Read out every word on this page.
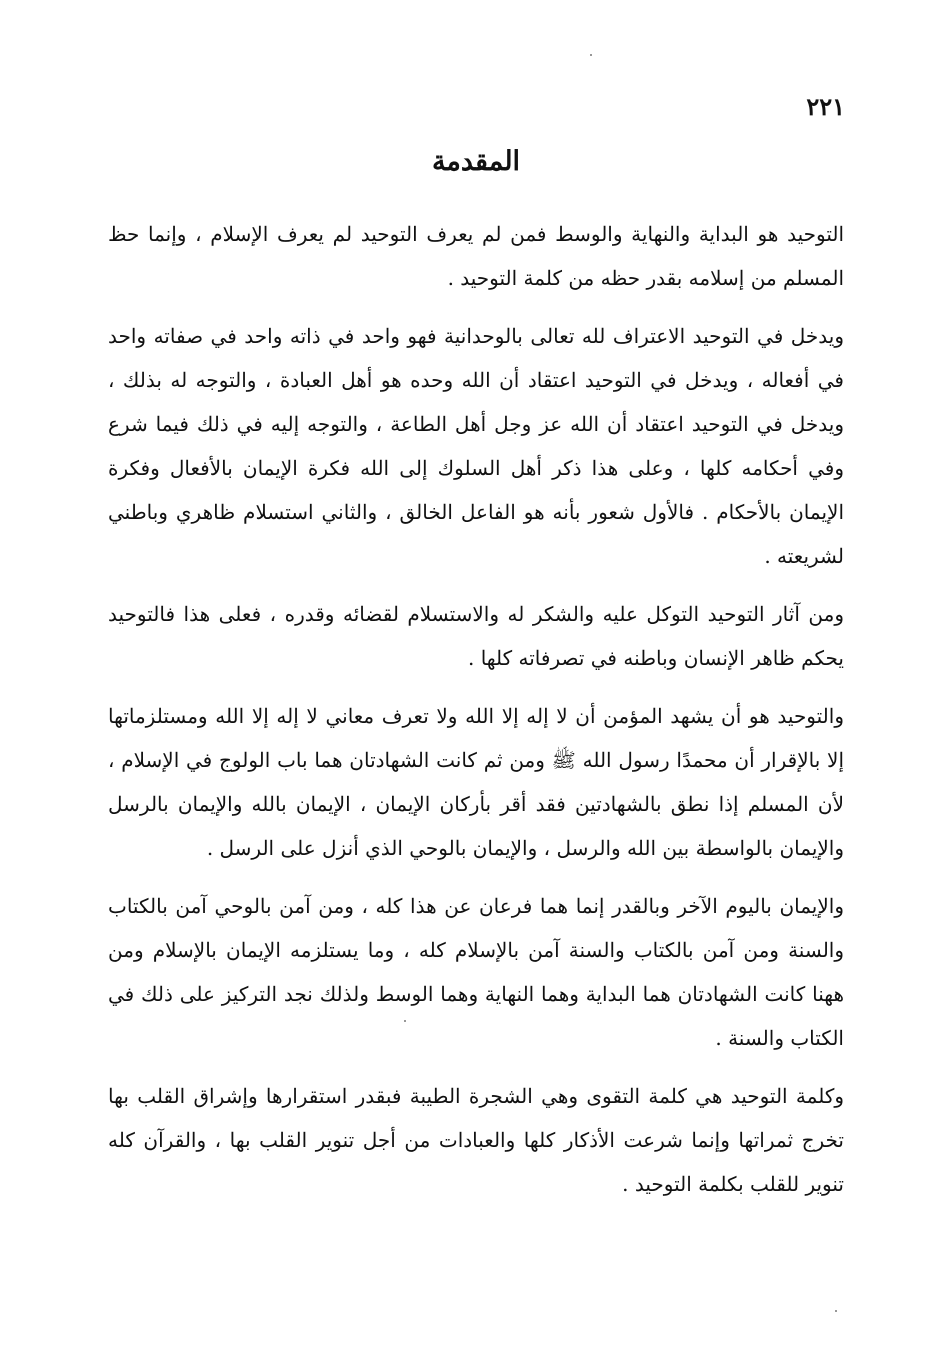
٢٢١
المقدمة

التوحيد هو البداية والنهاية والوسط فمن لم يعرف التوحيد لم يعرف الإسلام ، وإنما حظ المسلم من إسلامه بقدر حظه من كلمة التوحيد .

ويدخل في التوحيد الاعتراف لله تعالى بالوحدانية فهو واحد في ذاته واحد في صفاته واحد في أفعاله ، ويدخل في التوحيد اعتقاد أن الله وحده هو أهل العبادة ، والتوجه له بذلك ، ويدخل في التوحيد اعتقاد أن الله عز وجل أهل الطاعة ، والتوجه إليه في ذلك فيما شرع وفي أحكامه كلها ، وعلى هذا ذكر أهل السلوك إلى الله فكرة الإيمان بالأفعال وفكرة الإيمان بالأحكام . فالأول شعور بأنه هو الفاعل الخالق ، والثاني استسلام ظاهري وباطني لشريعته .

ومن آثار التوحيد التوكل عليه والشكر له والاستسلام لقضائه وقدره ، فعلى هذا فالتوحيد يحكم ظاهر الإنسان وباطنه في تصرفاته كلها .

والتوحيد هو أن يشهد المؤمن أن لا إله إلا الله ولا تعرف معاني لا إله إلا الله ومستلزماتها إلا بالإقرار أن محمدًا رسول الله ﷺ ومن ثم كانت الشهادتان هما باب الولوج في الإسلام ، لأن المسلم إذا نطق بالشهادتين فقد أقر بأركان الإيمان ، الإيمان بالله والإيمان بالرسل والإيمان بالواسطة بين الله والرسل ، والإيمان بالوحي الذي أنزل على الرسل .

والإيمان باليوم الآخر وبالقدر إنما هما فرعان عن هذا كله ، ومن آمن بالوحي آمن بالكتاب والسنة ومن آمن بالكتاب والسنة آمن بالإسلام كله ، وما يستلزمه الإيمان بالإسلام ومن ههنا كانت الشهادتان هما البداية وهما النهاية وهما الوسط ولذلك نجد التركيز على ذلك في الكتاب والسنة .

وكلمة التوحيد هي كلمة التقوى وهي الشجرة الطيبة فبقدر استقرارها وإشراق القلب بها تخرج ثمراتها وإنما شرعت الأذكار كلها والعبادات من أجل تنوير القلب بها ، والقرآن كله تنوير للقلب بكلمة التوحيد .
